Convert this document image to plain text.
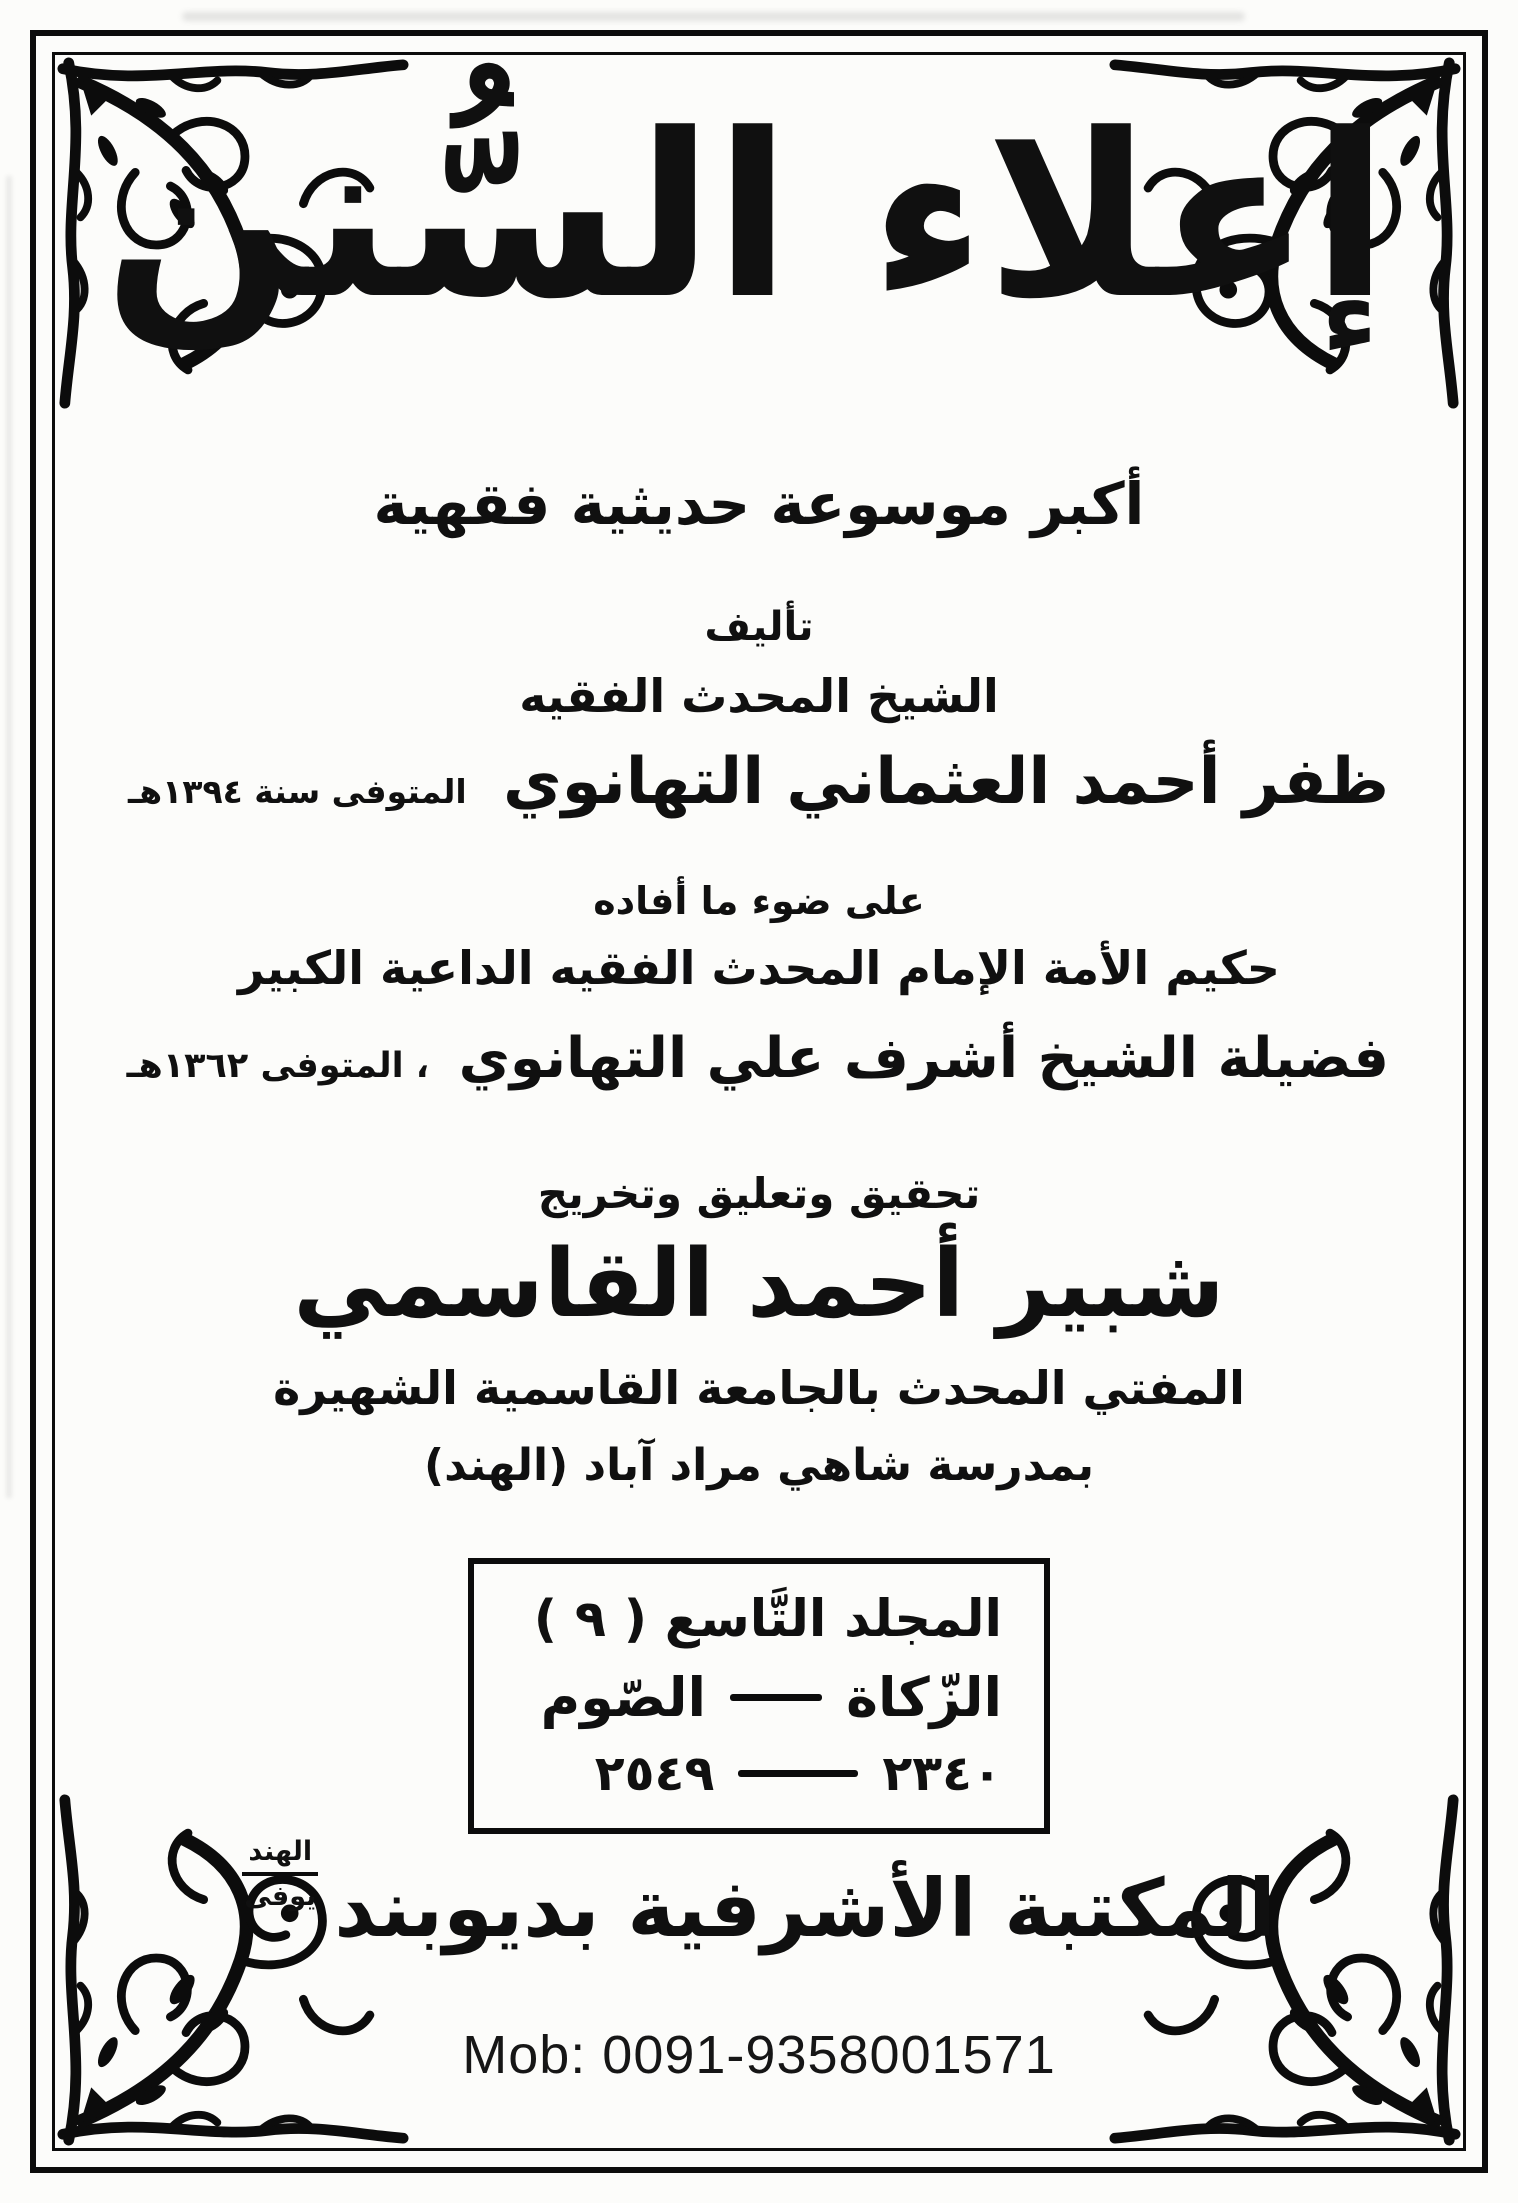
إعلاء السُّنن
أكبر موسوعة حديثية فقهية
تأليف
الشيخ المحدث الفقيه
ظفر أحمد العثماني التهانوي المتوفى سنة ١٣٩٤هـ
على ضوء ما أفاده
حكيم الأمة الإمام المحدث الفقيه الداعية الكبير
فضيلة الشيخ أشرف علي التهانوي ، المتوفى ١٣٦٢هـ
تحقيق وتعليق وتخريج
شبير أحمد القاسمي
المفتي المحدث بالجامعة القاسمية الشهيرة
بمدرسة شاهي مراد آباد (الهند)
المجلد التَّاسع ( ٩ )
الزّكاة
الصّوم
٢٣٤٠
٢٥٤٩
المكتبة الأشرفية بديوبند
الهند
يوفى
Mob: 0091-9358001571
